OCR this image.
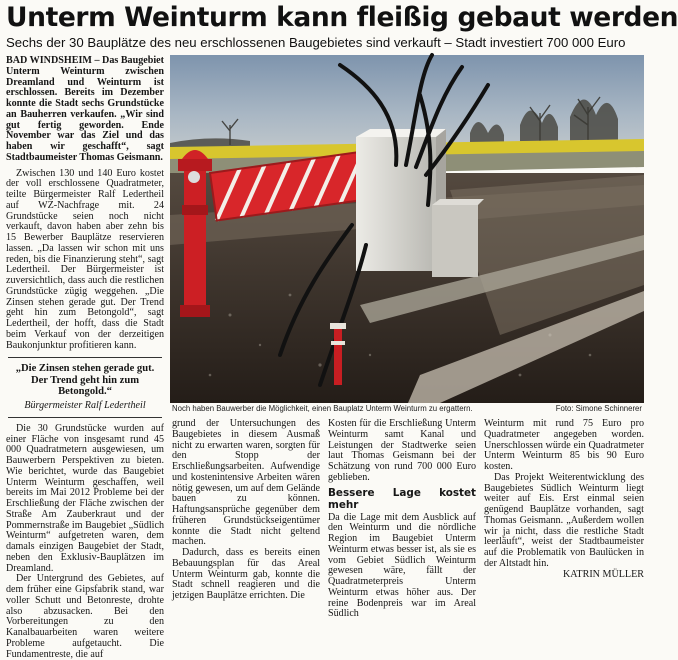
Unterm Weinturm kann fleißig gebaut werden
Sechs der 30 Bauplätze des neu erschlossenen Baugebietes sind verkauft – Stadt investiert 700 000 Euro

BAD WINDSHEIM – Das Baugebiet Unterm Weinturm zwischen Dreamland und Weinturm ist erschlossen. Bereits im Dezember konnte die Stadt sechs Grundstücke an Bauherren verkaufen. „Wir sind gut fertig geworden. Ende November war das Ziel und das haben wir geschafft“, sagt Stadtbaumeister Thomas Geismann.

Zwischen 130 und 140 Euro kostet der voll erschlossene Quadratmeter, teilte Bürgermeister Ralf Ledertheil auf WZ-Nachfrage mit. 24 Grundstücke seien noch nicht verkauft, davon haben aber zehn bis 15 Bewerber Bauplätze reservieren lassen. „Da lassen wir schon mit uns reden, bis die Finanzierung steht“, sagt Ledertheil. Der Bürgermeister ist zuversichtlich, dass auch die restlichen Grundstücke zügig weggehen. „Die Zinsen stehen gerade gut. Der Trend geht hin zum Betongold“, sagt Ledertheil, der hofft, dass die Stadt beim Verkauf von der derzeitigen Baukonjunktur profitieren kann.

„Die Zinsen stehen gerade gut. Der Trend geht hin zum Betongold.“
Bürgermeister Ralf Ledertheil

Die 30 Grundstücke wurden auf einer Fläche von insgesamt rund 45 000 Quadratmetern ausgewiesen, um Bauwerbern Perspektiven zu bieten. Wie berichtet, wurde das Baugebiet Unterm Weinturm geschaffen, weil bereits im Mai 2012 Probleme bei der Erschließung der Fläche zwischen der Straße Am Zauberkraut und der Pommernstraße im Baugebiet „Südlich Weinturm“ aufgetreten waren, dem damals einzigen Baugebiet der Stadt, neben den Exklusiv-Bauplätzen im Dreamland.

Der Untergrund des Gebietes, auf dem früher eine Gipsfabrik stand, war voller Schutt und Betonreste, drohte also abzusacken. Bei den Vorbereitungen zu den Kanalbauarbeiten waren weitere Probleme aufgetaucht. Die Fundamentreste, die auf

Noch haben Bauwerber die Möglichkeit, einen Bauplatz Unterm Weinturm zu ergattern.	Foto: Simone Schinnerer

grund der Untersuchungen des Baugebietes in diesem Ausmaß nicht zu erwarten waren, sorgten für den Stopp der Erschließungsarbeiten. Aufwendige und kostenintensive Arbeiten wären nötig gewesen, um auf dem Gelände bauen zu können. Haftungsansprüche gegenüber dem früheren Grundstückseigentümer konnte die Stadt nicht geltend machen.

Dadurch, dass es bereits einen Bebauungsplan für das Areal Unterm Weinturm gab, konnte die Stadt schnell reagieren und die jetzigen Bauplätze errichten. Die

Kosten für die Erschließung Unterm Weinturm samt Kanal und Leistungen der Stadtwerke seien laut Thomas Geismann bei der Schätzung von rund 700 000 Euro geblieben.

Bessere Lage kostet mehr

Da die Lage mit dem Ausblick auf den Weinturm und die nördliche Region im Baugebiet Unterm Weinturm etwas besser ist, als sie es vom Gebiet Südlich Weinturm gewesen wäre, fällt der Quadratmeterpreis Unterm Weinturm etwas höher aus. Der reine Bodenpreis war im Areal Südlich

Weinturm mit rund 75 Euro pro Quadratmeter angegeben worden. Unerschlossen würde ein Quadratmeter Unterm Weinturm 85 bis 90 Euro kosten.

Das Projekt Weiterentwicklung des Baugebietes Südlich Weinturm liegt weiter auf Eis. Erst einmal seien genügend Bauplätze vorhanden, sagt Thomas Geismann. „Außerdem wollen wir ja nicht, dass die restliche Stadt leerläuft“, weist der Stadtbaumeister auf die Problematik von Baulücken in der Altstadt hin.

KATRIN MÜLLER
